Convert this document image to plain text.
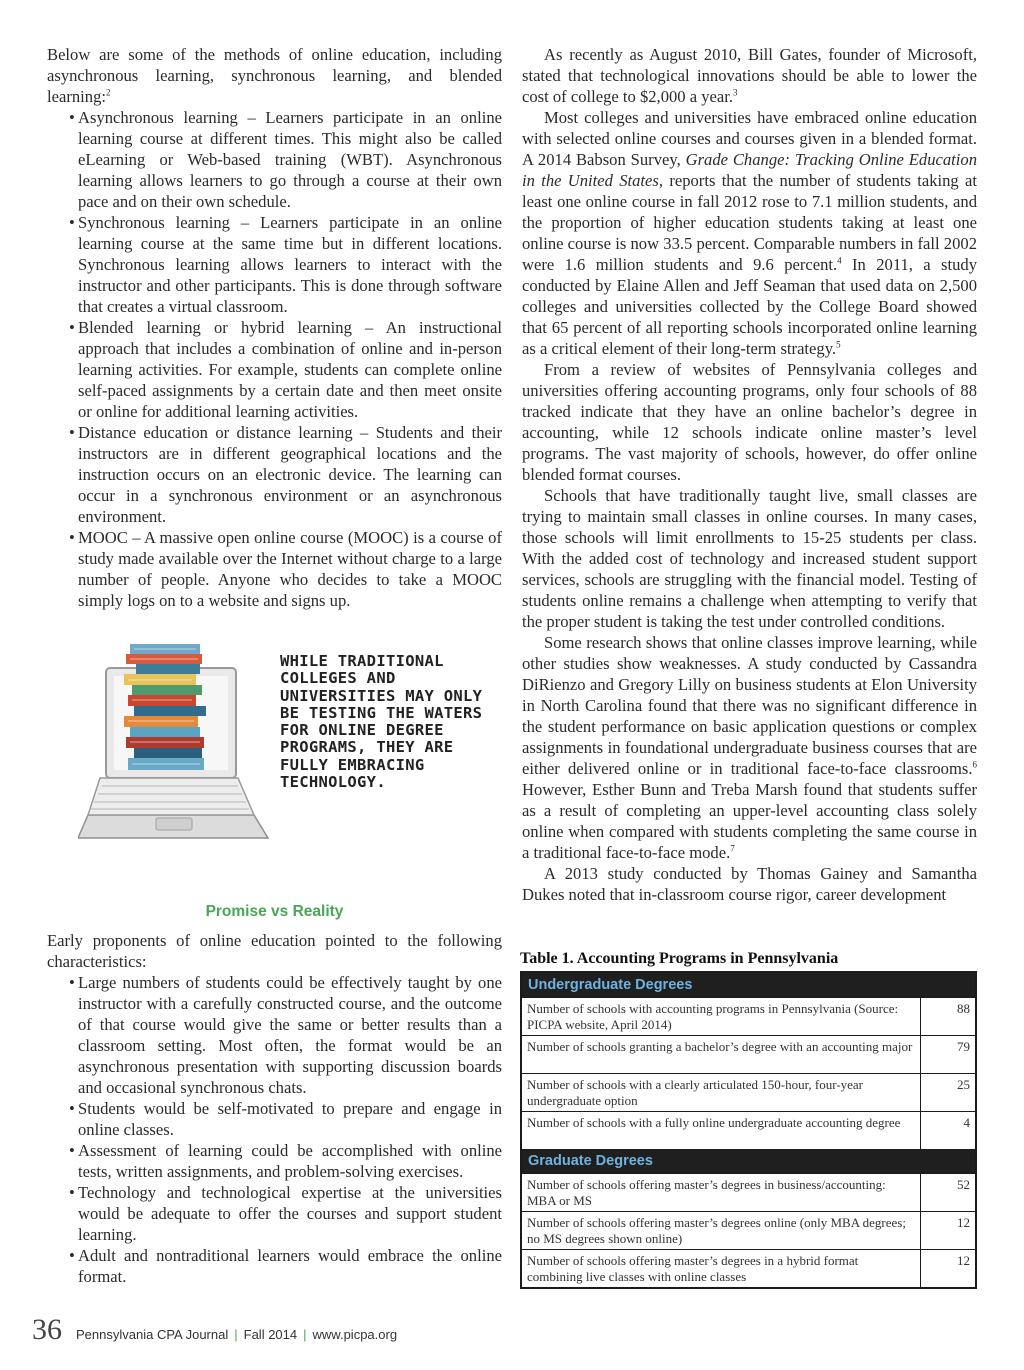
Below are some of the methods of online education, including asynchronous learning, synchronous learning, and blended learning:$^2$

• Asynchronous learning – Learners participate in an online learning course at different times. This might also be called eLearning or Web-based training (WBT). Asynchronous learning allows learners to go through a course at their own pace and on their own schedule.
• Synchronous learning – Learners participate in an online learning course at the same time but in different locations. Synchronous learning allows learners to interact with the instructor and other participants. This is done through software that creates a virtual classroom.
• Blended learning or hybrid learning – An instructional approach that includes a combination of online and in-person learning activities. For example, students can complete online self-paced assignments by a certain date and then meet onsite or online for additional learning activities.
• Distance education or distance learning – Students and their instructors are in different geographical locations and the instruction occurs on an electronic device. The learning can occur in a synchronous environment or an asynchronous environment.
• MOOC – A massive open online course (MOOC) is a course of study made available over the Internet without charge to a large number of people. Anyone who decides to take a MOOC simply logs on to a website and signs up.
WHILE TRADITIONAL COLLEGES AND UNIVERSITIES MAY ONLY BE TESTING THE WATERS FOR ONLINE DEGREE PROGRAMS, THEY ARE FULLY EMBRACING TECHNOLOGY.
Promise vs Reality

Early proponents of online education pointed to the following characteristics:

• Large numbers of students could be effectively taught by one instructor with a carefully constructed course, and the outcome of that course would give the same or better results than a classroom setting. Most often, the format would be an asynchronous presentation with supporting discussion boards and occasional synchronous chats.
• Students would be self-motivated to prepare and engage in online classes.
• Assessment of learning could be accomplished with online tests, written assignments, and problem-solving exercises.
• Technology and technological expertise at the universities would be adequate to offer the courses and support student learning.
• Adult and nontraditional learners would embrace the online format.

As recently as August 2010, Bill Gates, founder of Microsoft, stated that technological innovations should be able to lower the cost of college to $2,000 a year.$^3$

Most colleges and universities have embraced online education with selected online courses and courses given in a blended format. A 2014 Babson Survey, Grade Change: Tracking Online Education in the United States, reports that the number of students taking at least one online course in fall 2012 rose to 7.1 million students, and the proportion of higher education students taking at least one online course is now 33.5 percent. Comparable numbers in fall 2002 were 1.6 million students and 9.6 percent.$^4$ In 2011, a study conducted by Elaine Allen and Jeff Seaman that used data on 2,500 colleges and universities collected by the College Board showed that 65 percent of all reporting schools incorporated online learning as a critical element of their long-term strategy.$^5$

From a review of websites of Pennsylvania colleges and universities offering accounting programs, only four schools of 88 tracked indicate that they have an online bachelor’s degree in accounting, while 12 schools indicate online master’s level programs. The vast majority of schools, however, do offer online blended format courses.

Schools that have traditionally taught live, small classes are trying to maintain small classes in online courses. In many cases, those schools will limit enrollments to 15-25 students per class. With the added cost of technology and increased student support services, schools are struggling with the financial model. Testing of students online remains a challenge when attempting to verify that the proper student is taking the test under controlled conditions.

Some research shows that online classes improve learning, while other studies show weaknesses. A study conducted by Cassandra DiRienzo and Gregory Lilly on business students at Elon University in North Carolina found that there was no significant difference in the student performance on basic application questions or complex assignments in foundational undergraduate business courses that are either delivered online or in traditional face-to-face classrooms.$^6$ However, Esther Bunn and Treba Marsh found that students suffer as a result of completing an upper-level accounting class solely online when compared with students completing the same course in a traditional face-to-face mode.$^7$

A 2013 study conducted by Thomas Gainey and Samantha Dukes noted that in-classroom course rigor, career development

Table 1. Accounting Programs in Pennsylvania
Undergraduate Degrees
Number of schools with accounting programs in Pennsylvania (Source: PICPA website, April 2014)
88
Number of schools granting a bachelor’s degree with an accounting major	79
Number of schools with a clearly articulated 150-hour, four-year undergraduate option
25
Number of schools with a fully online undergraduate accounting degree	4
Graduate Degrees
Number of schools offering master’s degrees in business/accounting: MBA or MS
52
Number of schools offering master’s degrees online (only MBA degrees; no MS degrees shown online)
12
Number of schools offering master’s degrees in a hybrid format combining live classes with online classes
12
36 Pennsylvania CPA Journal | Fall 2014 | www.picpa.org
